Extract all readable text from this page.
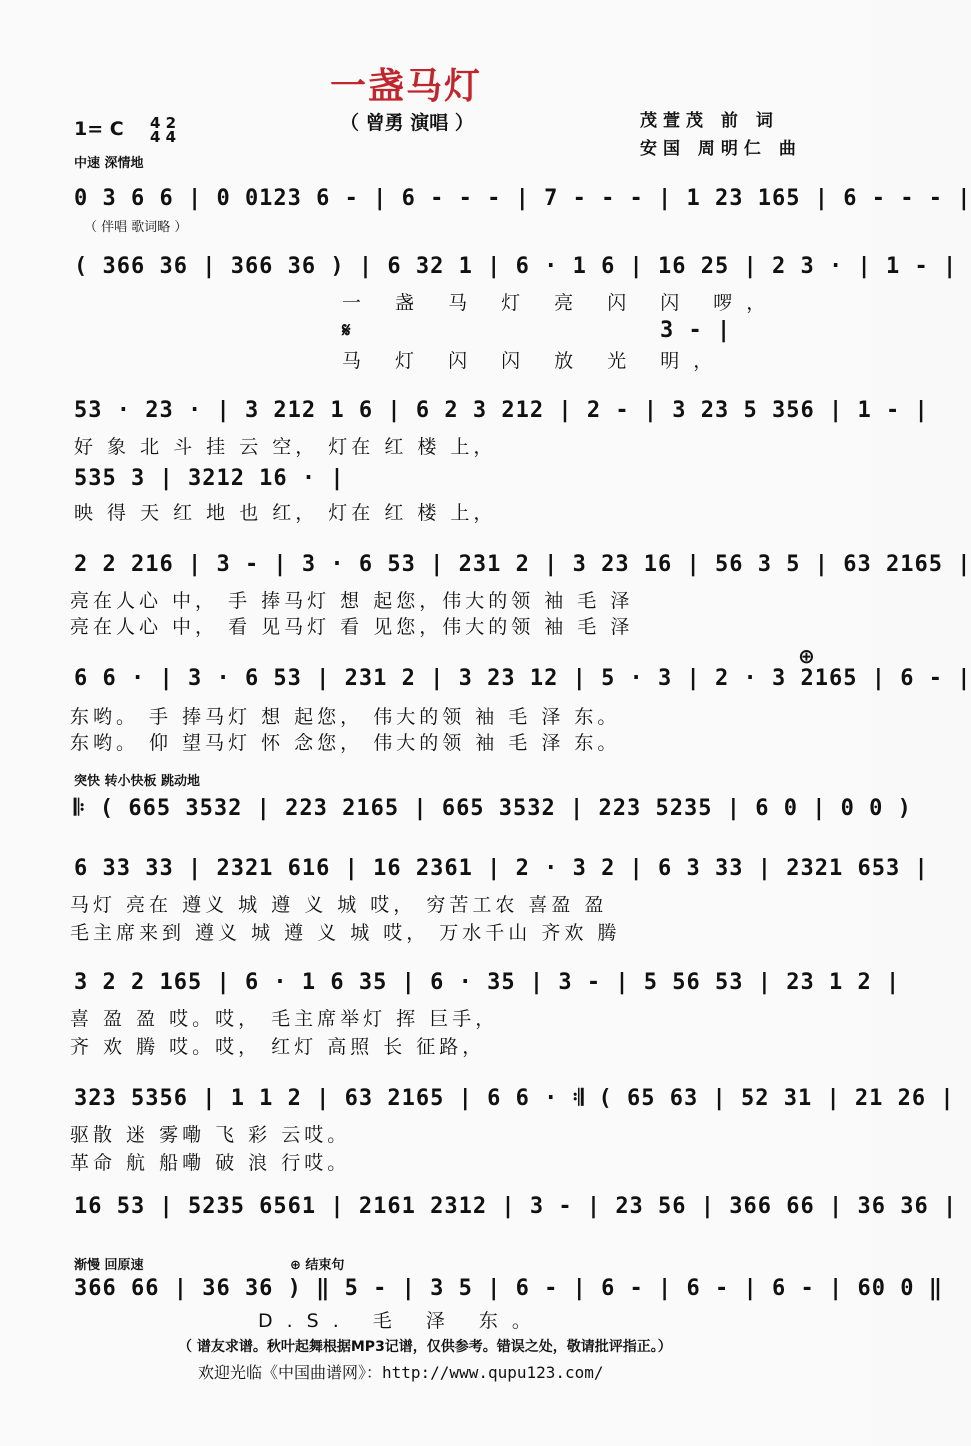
一盏马灯
（ 曾勇 演唱 ）	茂萱茂 前 词
安国 周明仁 曲
1= C 4 2
4 4
中速 深情地
0 3 6 6 | 0 0123 6 - | 6 - - - | 7 - - - | 1 23 165 | 6 - - - |
（ 伴唱 歌词略 ）
( 366 36 | 366 36 ) | 6 32 1 | 6 · 1 6 | 16 25 | 2 3 · | 1 - |
一 盏 马 灯 亮 闪 闪 啰，
𝄋	3 - |
马 灯 闪 闪 放 光 明，
53 · 23 · | 3 212 1 6 | 6 2 3 212 | 2 - | 3 23 5 356 | 1 - |
好 象 北 斗 挂 云 空， 灯在 红 楼 上，
535 3 | 3212 16 · |
映 得 天 红 地 也 红， 灯在 红 楼 上，
2 2 216 | 3 - | 3 · 6 53 | 231 2 | 3 23 16 | 56 3 5 | 63 2165 |
亮在人心 中， 手 捧马灯 想 起您，伟大的领 袖 毛 泽
亮在人心 中， 看 见马灯 看 见您，伟大的领 袖 毛 泽
6 6 · | 3 · 6 53 | 231 2 | 3 23 12 | 5 · 3 | 2 · 3 2165 | 6 - |
⊕
东哟。 手 捧马灯 想 起您， 伟大的领 袖 毛 泽 东。
东哟。 仰 望马灯 怀 念您， 伟大的领 袖 毛 泽 东。
突快 转小快板 跳动地
𝄆 ( 665 3532 | 223 2165 | 665 3532 | 223 5235 | 6 0 | 0 0 )
6 33 33 | 2321 616 | 16 2361 | 2 · 3 2 | 6 3 33 | 2321 653 |
马灯 亮在 遵义 城 遵 义 城 哎， 穷苦工农 喜盈 盈
毛主席来到 遵义 城 遵 义 城 哎， 万水千山 齐欢 腾
3 2 2 165 | 6 · 1 6 35 | 6 · 35 | 3 - | 5 56 53 | 23 1 2 |
喜 盈 盈 哎。哎， 毛主席举灯 挥 巨手，
齐 欢 腾 哎。哎， 红灯 高照 长 征路，
323 5356 | 1 1 2 | 63 2165 | 6 6 · 𝄇 ( 65 63 | 52 31 | 21 26 |
驱散 迷 雾嘞 飞 彩 云哎。
革命 航 船嘞 破 浪 行哎。
16 53 | 5235 6561 | 2161 2312 | 3 - | 23 56 | 366 66 | 36 36 |
渐慢 回原速	⊕ 结束句
366 66 | 36 36 ) ‖ 5 - | 3 5 | 6 - | 6 - | 6 - | 6 - | 60 0 ‖
D.S. 毛 泽 东。
（ 谱友求谱。秋叶起舞根据MP3记谱，仅供参考。错误之处，敬请批评指正。）
欢迎光临《中国曲谱网》：http://www.qupu123.com/
